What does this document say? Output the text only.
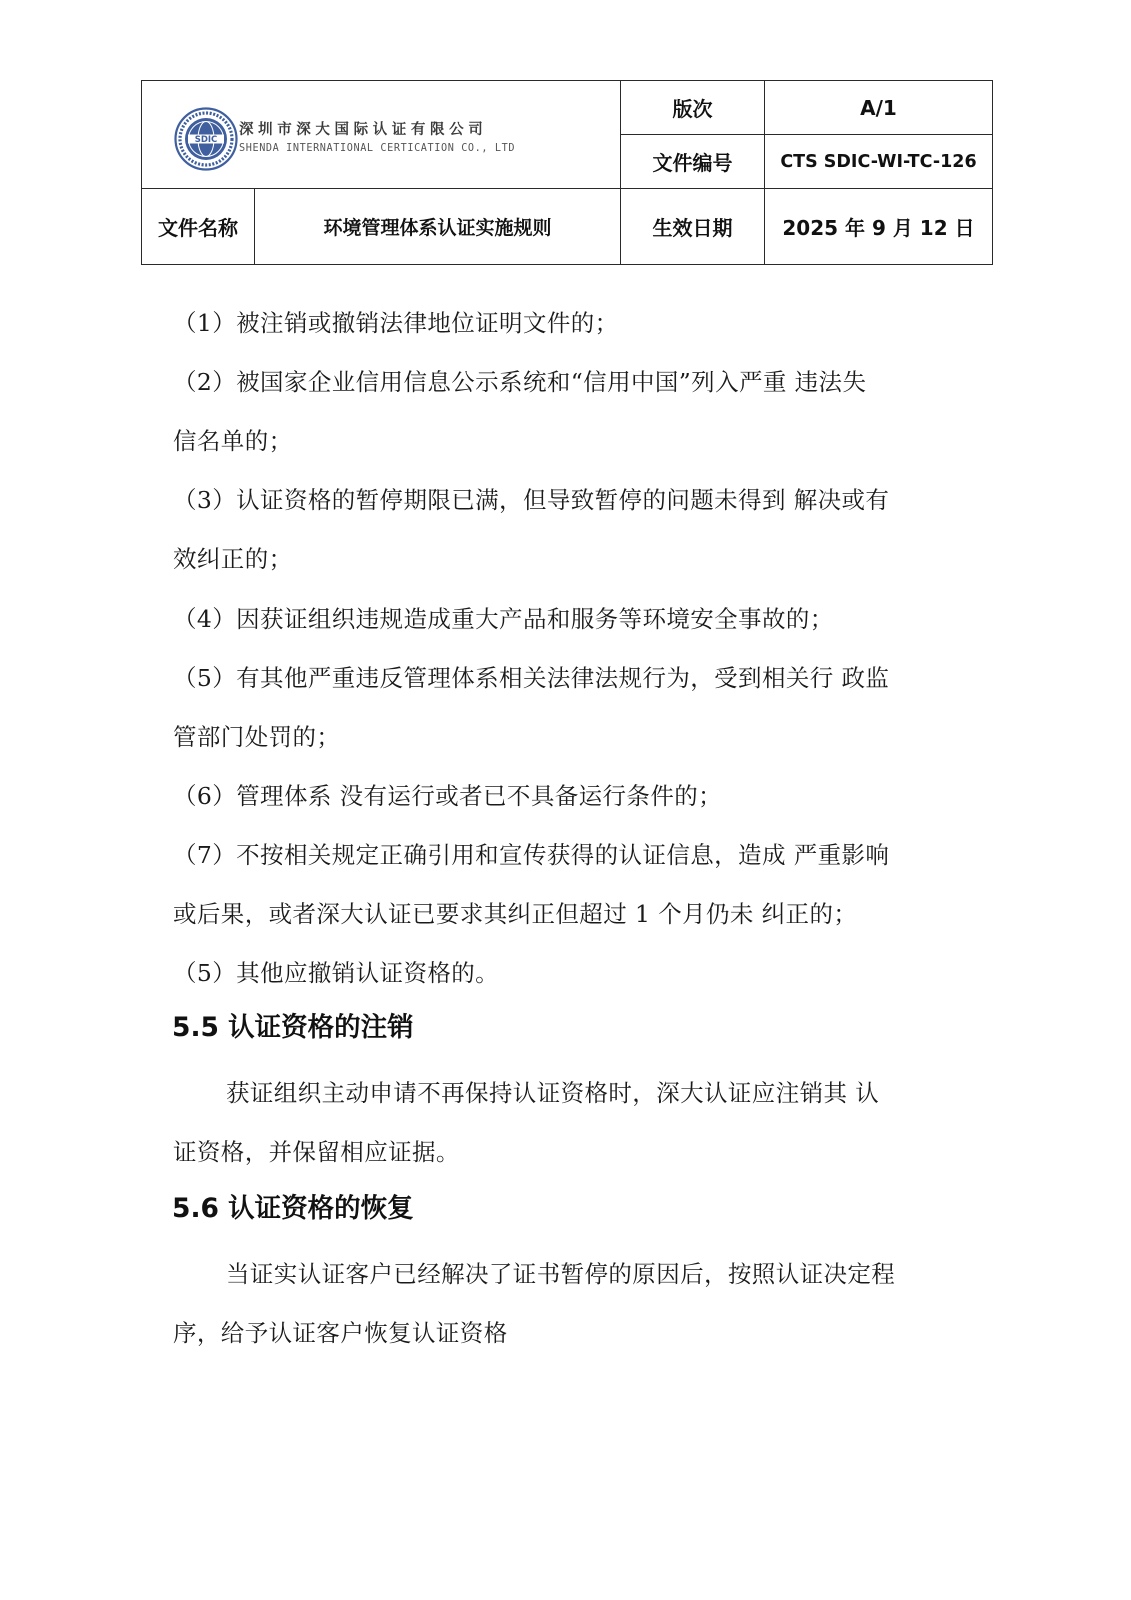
SDIC
深圳市深大国际认证有限公司
SHENDA INTERNATIONAL CERTICATION CO., LTD
版次	A/1
文件编号	CTS SDIC-WI-TC-126
文件名称	环境管理体系认证实施规则	生效日期	2025 年 9 月 12 日

（1）被注销或撤销法律地位证明文件的；

（2）被国家企业信用信息公示系统和“信用中国”列入严重 违法失

信名单的；

（3）认证资格的暂停期限已满，但导致暂停的问题未得到 解决或有

效纠正的；

（4）因获证组织违规造成重大产品和服务等环境安全事故的；

（5）有其他严重违反管理体系相关法律法规行为，受到相关行 政监

管部门处罚的；

（6）管理体系 没有运行或者已不具备运行条件的；

（7）不按相关规定正确引用和宣传获得的认证信息，造成 严重影响

或后果，或者深大认证已要求其纠正但超过 1 个月仍未 纠正的；

（5）其他应撤销认证资格的。

5.5 认证资格的注销

获证组织主动申请不再保持认证资格时，深大认证应注销其 认

证资格，并保留相应证据。

5.6 认证资格的恢复

当证实认证客户已经解决了证书暂停的原因后，按照认证决定程

序，给予认证客户恢复认证资格
